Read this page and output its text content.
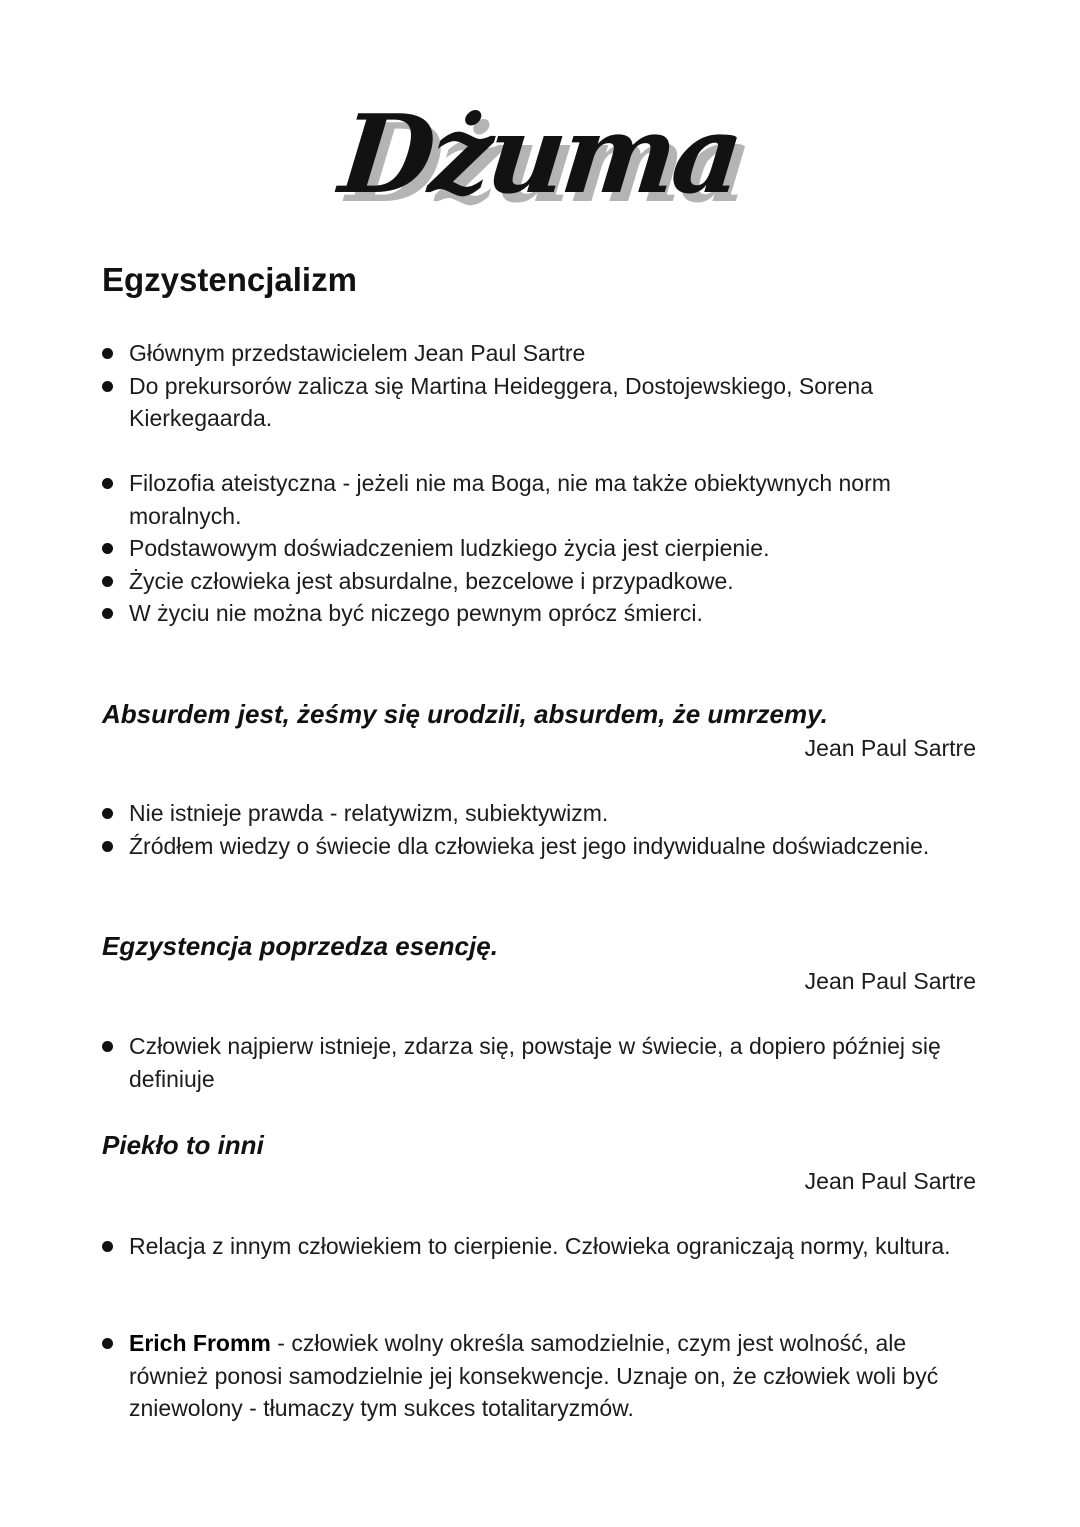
Dżuma
Egzystencjalizm
Głównym przedstawicielem Jean Paul Sartre
Do prekursorów zalicza się Martina Heideggera, Dostojewskiego, Sorena Kierkegaarda.
Filozofia ateistyczna - jeżeli nie ma Boga, nie ma także obiektywnych norm moralnych.
Podstawowym doświadczeniem ludzkiego życia jest cierpienie.
Życie człowieka jest absurdalne, bezcelowe i przypadkowe.
W życiu nie można być niczego pewnym oprócz śmierci.

Absurdem jest, żeśmy się urodzili, absurdem, że umrzemy.

Jean Paul Sartre

Nie istnieje prawda - relatywizm, subiektywizm.
Źródłem wiedzy o świecie dla człowieka jest jego indywidualne doświadczenie.

Egzystencja poprzedza esencję.

Jean Paul Sartre

Człowiek najpierw istnieje, zdarza się, powstaje w świecie, a dopiero później się definiuje

Piekło to inni

Jean Paul Sartre

Relacja z innym człowiekiem to cierpienie. Człowieka ograniczają normy, kultura.
Erich Fromm - człowiek wolny określa samodzielnie, czym jest wolność, ale również ponosi samodzielnie jej konsekwencje. Uznaje on, że człowiek woli być zniewolony - tłumaczy tym sukces totalitaryzmów.
